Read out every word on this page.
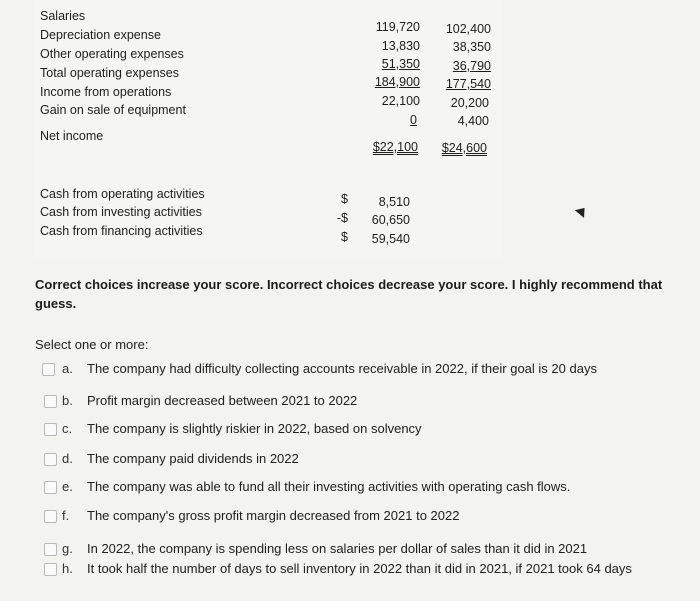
Salaries
Depreciation expense
Other operating expenses
Total operating expenses
Income from operations
Gain on sale of equipment
Net income
119,720
13,830
51,350
184,900
22,100
0
$22,100
102,400
38,350
36,790
177,540
20,200
4,400
$24,600
Cash from operating activities
Cash from investing activities
Cash from financing activities
$
-$
$
8,510
60,650
59,540
Correct choices increase your score. Incorrect choices decrease your score. I highly recommend that
guess.
Select one or more:
a. The company had difficulty collecting accounts receivable in 2022, if their goal is 20 days
b. Profit margin decreased between 2021 to 2022
c. The company is slightly riskier in 2022, based on solvency
d. The company paid dividends in 2022
e. The company was able to fund all their investing activities with operating cash flows.
f. The company's gross profit margin decreased from 2021 to 2022
g. In 2022, the company is spending less on salaries per dollar of sales than it did in 2021
h. It took half the number of days to sell inventory in 2022 than it did in 2021, if 2021 took 64 days
